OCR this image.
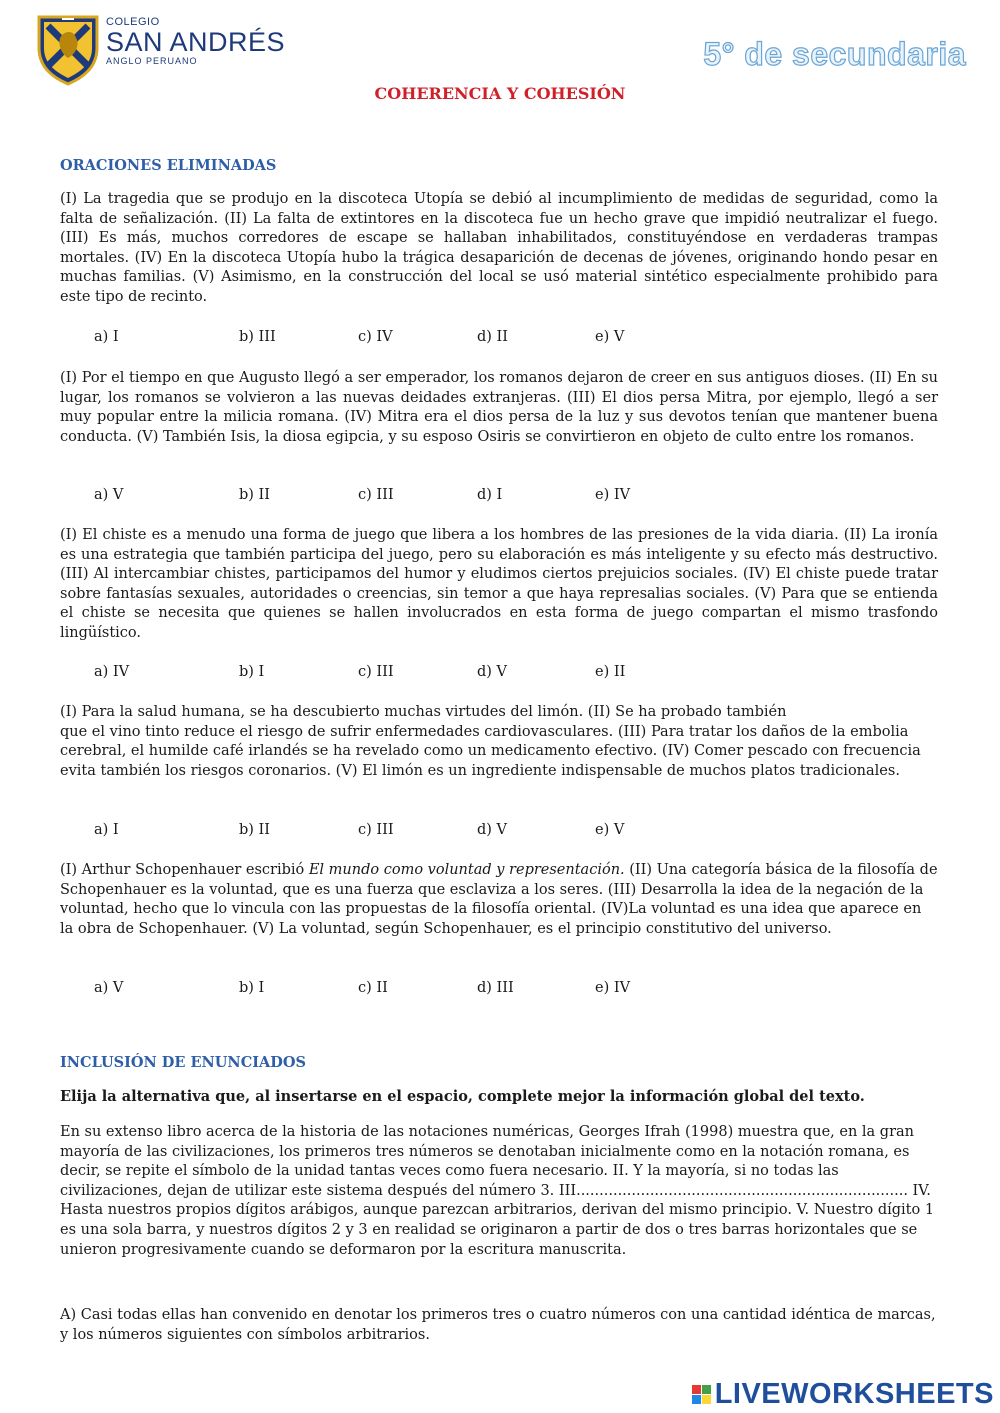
COLEGIO
SAN ANDRÉS
ANGLO PERUANO	5° de secundaria
COHERENCIA Y COHESIÓN
ORACIONES ELIMINADAS
(I) La tragedia que se produjo en la discoteca Utopía se debió al incumplimiento de medidas de seguridad, como la falta de señalización. (II) La falta de extintores en la discoteca fue un hecho grave que impidió neutralizar el fuego. (III) Es más, muchos corredores de escape se hallaban inhabilitados, constituyéndose en verdaderas trampas mortales. (IV) En la discoteca Utopía hubo la trágica desaparición de decenas de jóvenes, originando hondo pesar en muchas familias. (V) Asimismo, en la construcción del local se usó material sintético especialmente prohibido para este tipo de recinto.
a) I	b) III	c) IV	d) II	e) V
(I) Por el tiempo en que Augusto llegó a ser emperador, los romanos dejaron de creer en sus antiguos dioses. (II) En su lugar, los romanos se volvieron a las nuevas deidades extranjeras. (III) El dios persa Mitra, por ejemplo, llegó a ser muy popular entre la milicia romana. (IV) Mitra era el dios persa de la luz y sus devotos tenían que mantener buena conducta. (V) También Isis, la diosa egipcia, y su esposo Osiris se convirtieron en objeto de culto entre los romanos.
a) V	b) II	c) III	d) I	e) IV
(I) El chiste es a menudo una forma de juego que libera a los hombres de las presiones de la vida diaria. (II) La ironía es una estrategia que también participa del juego, pero su elaboración es más inteligente y su efecto más destructivo. (III) Al intercambiar chistes, participamos del humor y eludimos ciertos prejuicios sociales. (IV) El chiste puede tratar sobre fantasías sexuales, autoridades o creencias, sin temor a que haya represalias sociales. (V) Para que se entienda el chiste se necesita que quienes se hallen involucrados en esta forma de juego compartan el mismo trasfondo lingüístico.
a) IV	b) I	c) III	d) V	e) II
(I) Para la salud humana, se ha descubierto muchas virtudes del limón. (II) Se ha probado también
que el vino tinto reduce el riesgo de sufrir enfermedades cardiovasculares. (III) Para tratar los daños de la embolia cerebral, el humilde café irlandés se ha revelado como un medicamento efectivo. (IV) Comer pescado con frecuencia evita también los riesgos coronarios. (V) El limón es un ingrediente indispensable de muchos platos tradicionales.
a) I	b) II	c) III	d) V	e) V
(I) Arthur Schopenhauer escribió El mundo como voluntad y representación. (II) Una categoría básica de la filosofía de Schopenhauer es la voluntad, que es una fuerza que esclaviza a los seres. (III) Desarrolla la idea de la negación de la voluntad, hecho que lo vincula con las propuestas de la filosofía oriental. (IV)La voluntad es una idea que aparece en la obra de Schopenhauer. (V) La voluntad, según Schopenhauer, es el principio constitutivo del universo.
a) V	b) I	c) II	d) III	e) IV
INCLUSIÓN DE ENUNCIADOS
Elija la alternativa que, al insertarse en el espacio, complete mejor la información global del texto.
En su extenso libro acerca de la historia de las notaciones numéricas, Georges Ifrah (1998) muestra que, en la gran mayoría de las civilizaciones, los primeros tres números se denotaban inicialmente como en la notación romana, es decir, se repite el símbolo de la unidad tantas veces como fuera necesario. II. Y la mayoría, si no todas las civilizaciones, dejan de utilizar este sistema después del número 3. III........................................................................ IV. Hasta nuestros propios dígitos arábigos, aunque parezcan arbitrarios, derivan del mismo principio. V. Nuestro dígito 1 es una sola barra, y nuestros dígitos 2 y 3 en realidad se originaron a partir de dos o tres barras horizontales que se unieron progresivamente cuando se deformaron por la escritura manuscrita.
A) Casi todas ellas han convenido en denotar los primeros tres o cuatro números con una cantidad idéntica de marcas, y los números siguientes con símbolos arbitrarios.
LIVEWORKSHEETS
